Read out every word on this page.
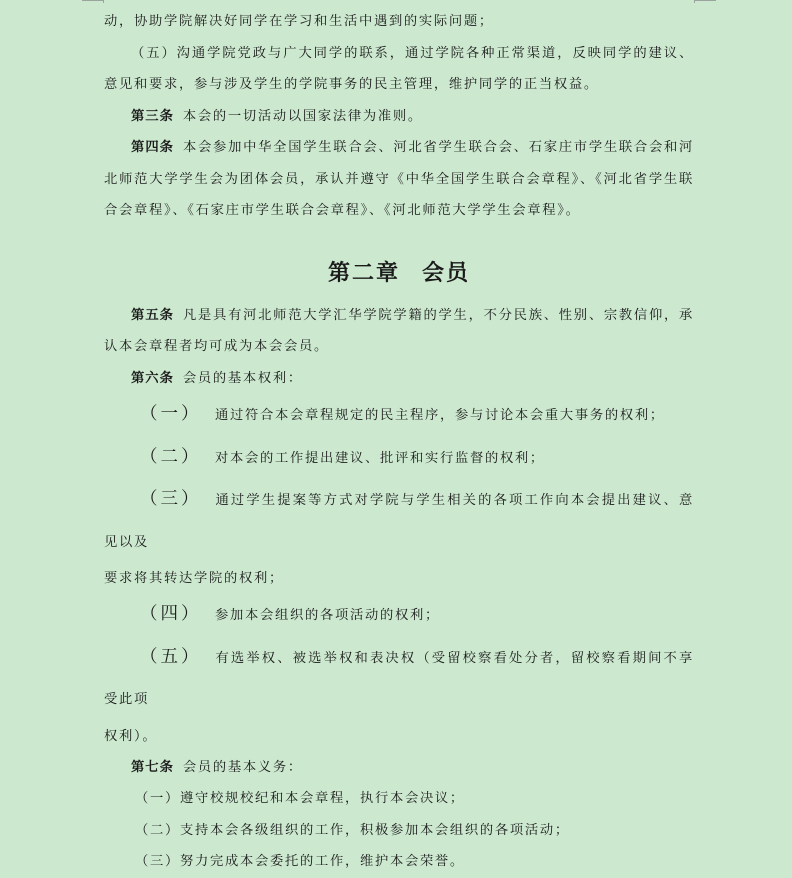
动，协助学院解决好同学在学习和生活中遇到的实际问题；

（五）沟通学院党政与广大同学的联系，通过学院各种正常渠道，反映同学的建议、意见和要求，参与涉及学生的学院事务的民主管理，维护同学的正当权益。

第三条 本会的一切活动以国家法律为准则。

第四条 本会参加中华全国学生联合会、河北省学生联合会、石家庄市学生联合会和河北师范大学学生会为团体会员，承认并遵守《中华全国学生联合会章程》、《河北省学生联合会章程》、《石家庄市学生联合会章程》、《河北师范大学学生会章程》。

第二章 会员

第五条 凡是具有河北师范大学汇华学院学籍的学生，不分民族、性别、宗教信仰，承认本会章程者均可成为本会会员。

第六条 会员的基本权利：

（一） 通过符合本会章程规定的民主程序，参与讨论本会重大事务的权利；

（二） 对本会的工作提出建议、批评和实行监督的权利；

（三） 通过学生提案等方式对学院与学生相关的各项工作向本会提出建议、意见以及

要求将其转达学院的权利；

（四） 参加本会组织的各项活动的权利；

（五） 有选举权、被选举权和表决权（受留校察看处分者，留校察看期间不享受此项

权利）。

第七条 会员的基本义务：

（一）遵守校规校纪和本会章程，执行本会决议；

（二）支持本会各级组织的工作，积极参加本会组织的各项活动；

（三）努力完成本会委托的工作，维护本会荣誉。
